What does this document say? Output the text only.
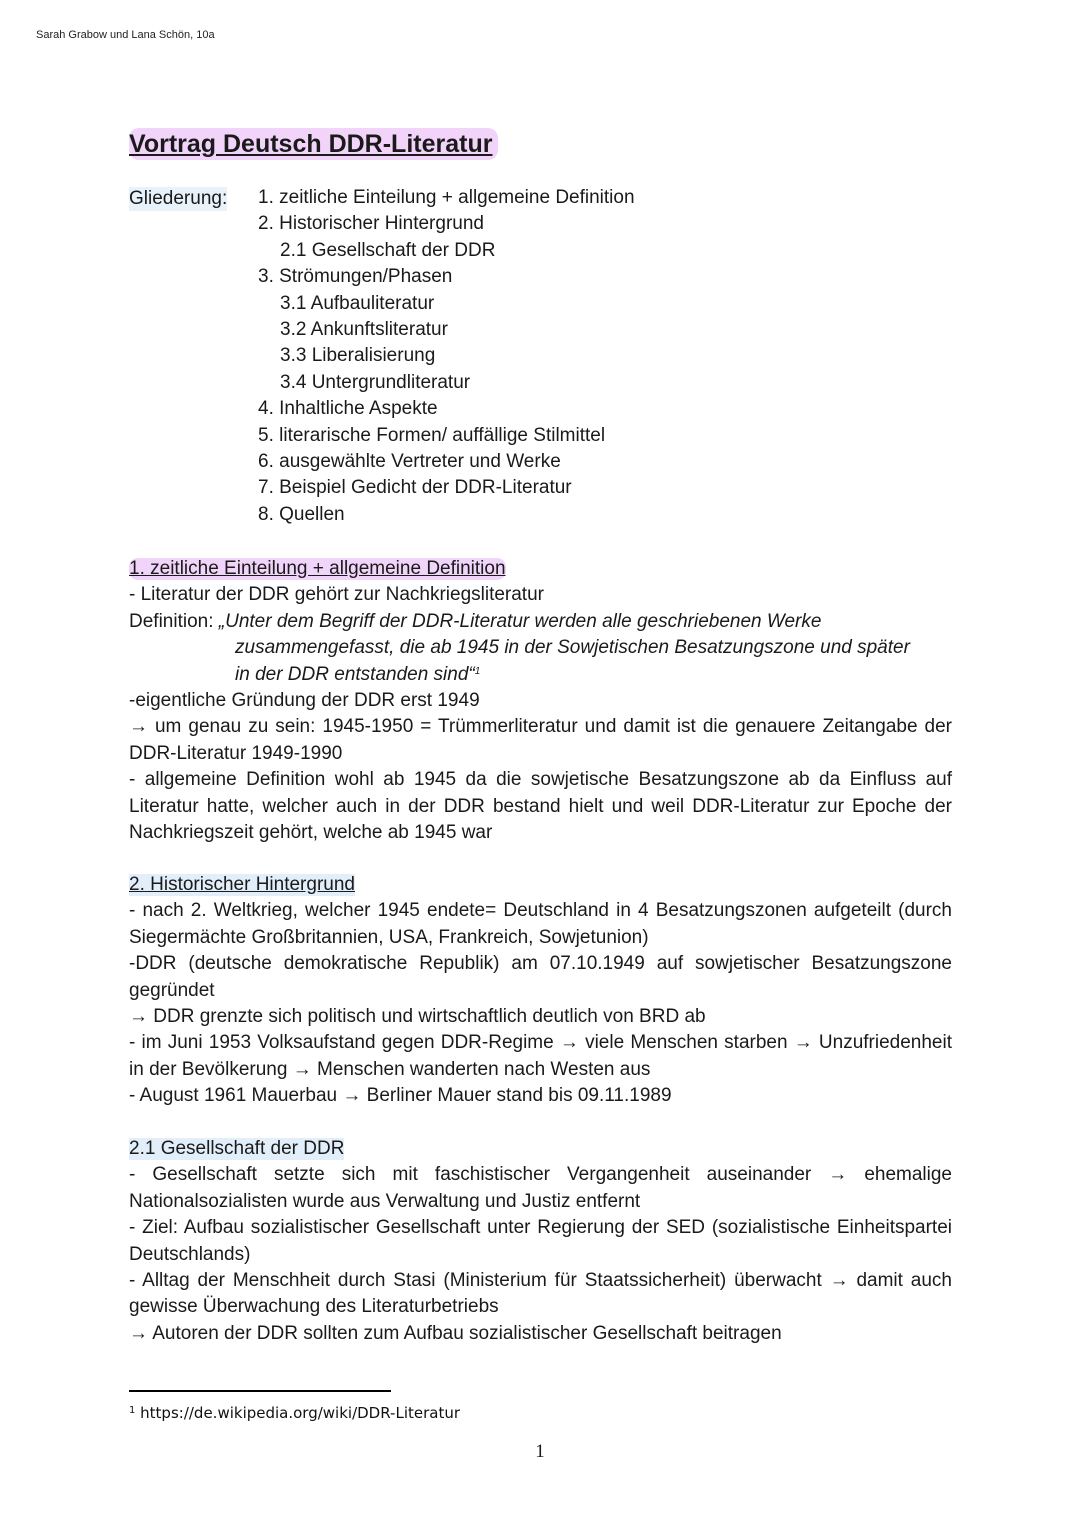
Sarah Grabow und Lana Schön, 10a
Vortrag Deutsch DDR-Literatur
Gliederung: 1. zeitliche Einteilung + allgemeine Definition
2. Historischer Hintergrund
2.1 Gesellschaft der DDR
3. Strömungen/Phasen
3.1 Aufbauliteratur
3.2 Ankunftsliteratur
3.3 Liberalisierung
3.4 Untergrundliteratur
4. Inhaltliche Aspekte
5. literarische Formen/ auffällige Stilmittel
6. ausgewählte Vertreter und Werke
7. Beispiel Gedicht der DDR-Literatur
8. Quellen

1. zeitliche Einteilung + allgemeine Definition

- Literatur der DDR gehört zur Nachkriegsliteratur

Definition: „Unter dem Begriff der DDR-Literatur werden alle geschriebenen Werke

zusammengefasst, die ab 1945 in der Sowjetischen Besatzungszone und später

in der DDR entstanden sind“$^1$

-eigentliche Gründung der DDR erst 1949

→ um genau zu sein: 1945-1950 = Trümmerliteratur und damit ist die genauere Zeitangabe der DDR-Literatur 1949-1990

- allgemeine Definition wohl ab 1945 da die sowjetische Besatzungszone ab da Einfluss auf Literatur hatte, welcher auch in der DDR bestand hielt und weil DDR-Literatur zur Epoche der Nachkriegszeit gehört, welche ab 1945 war

2. Historischer Hintergrund

- nach 2. Weltkrieg, welcher 1945 endete= Deutschland in 4 Besatzungszonen aufgeteilt (durch Siegermächte Großbritannien, USA, Frankreich, Sowjetunion)

-DDR (deutsche demokratische Republik) am 07.10.1949 auf sowjetischer Besatzungszone gegründet

→ DDR grenzte sich politisch und wirtschaftlich deutlich von BRD ab

- im Juni 1953 Volksaufstand gegen DDR-Regime → viele Menschen starben → Unzufriedenheit in der Bevölkerung → Menschen wanderten nach Westen aus

- August 1961 Mauerbau → Berliner Mauer stand bis 09.11.1989

2.1 Gesellschaft der DDR

- Gesellschaft setzte sich mit faschistischer Vergangenheit auseinander → ehemalige Nationalsozialisten wurde aus Verwaltung und Justiz entfernt

- Ziel: Aufbau sozialistischer Gesellschaft unter Regierung der SED (sozialistische Einheitspartei Deutschlands)

- Alltag der Menschheit durch Stasi (Ministerium für Staatssicherheit) überwacht → damit auch gewisse Überwachung des Literaturbetriebs

→ Autoren der DDR sollten zum Aufbau sozialistischer Gesellschaft beitragen

$^1$ https://de.wikipedia.org/wiki/DDR-Literatur
1
